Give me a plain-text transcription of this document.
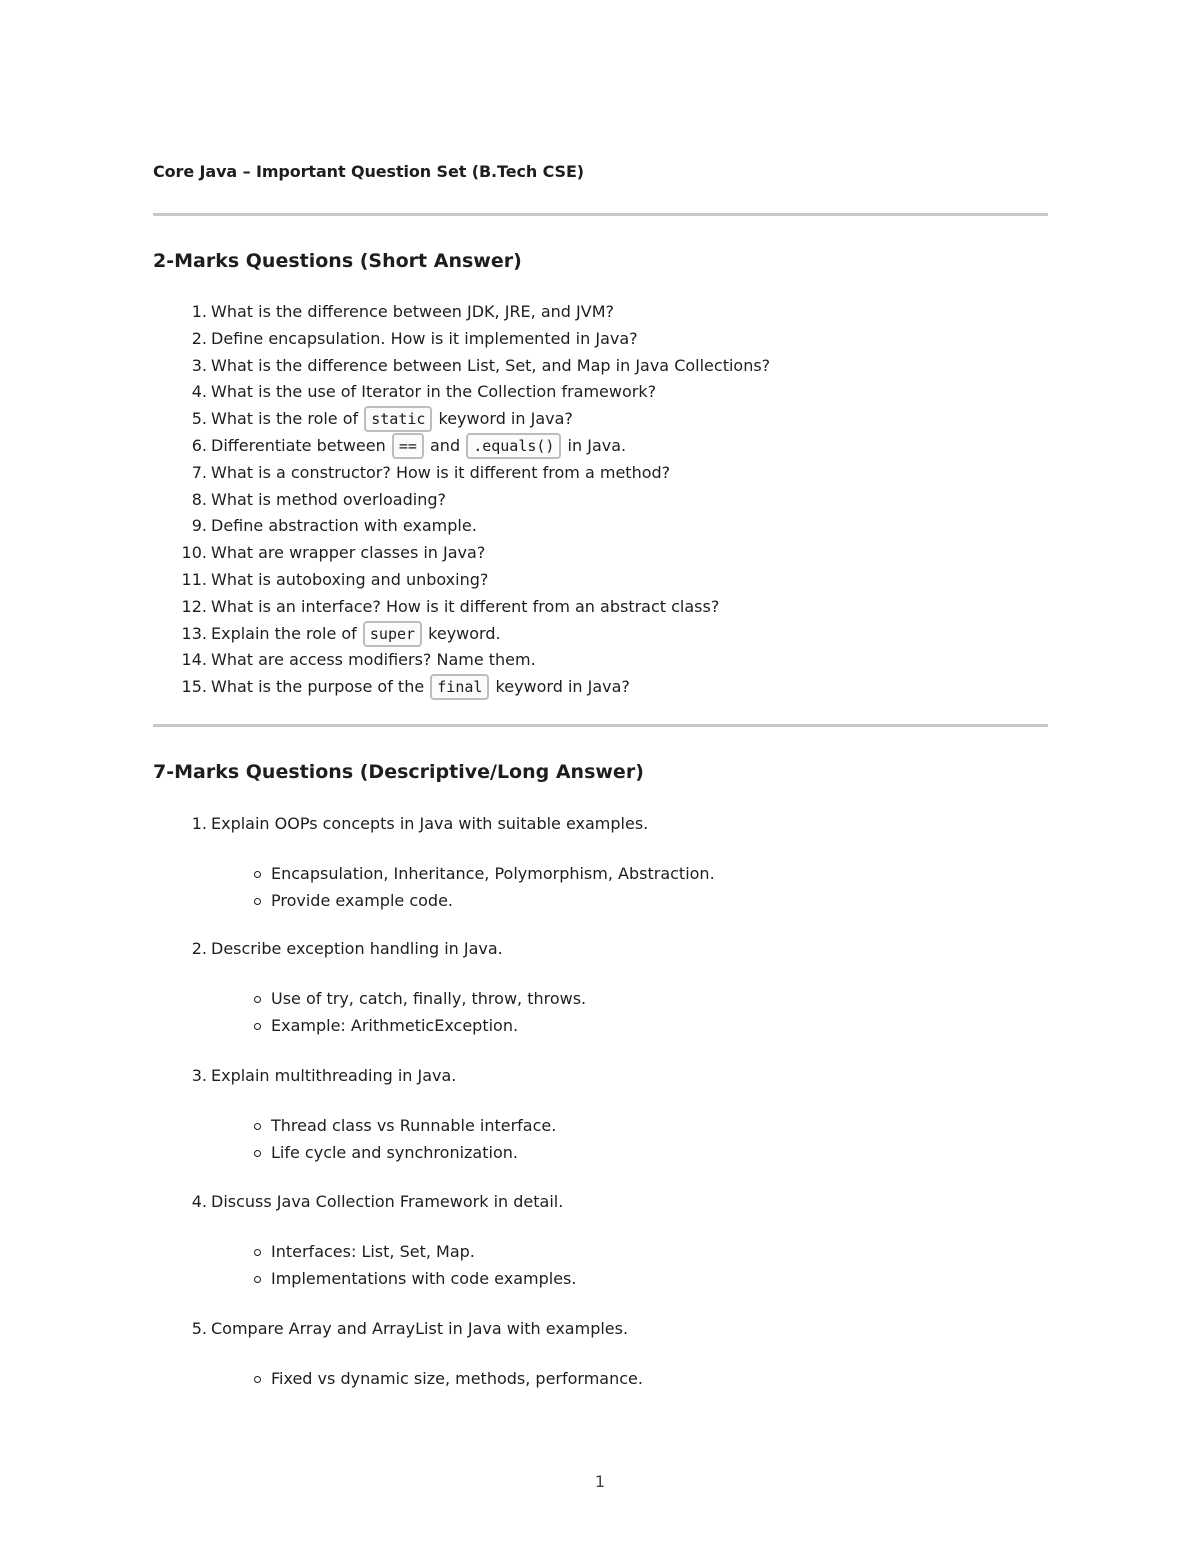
Core Java – Important Question Set (B.Tech CSE)
2-Marks Questions (Short Answer)
1. What is the difference between JDK, JRE, and JVM?
2. Define encapsulation. How is it implemented in Java?
3. What is the difference between List, Set, and Map in Java Collections?
4. What is the use of Iterator in the Collection framework?
5. What is the role of static keyword in Java?
6. Differentiate between == and .equals() in Java.
7. What is a constructor? How is it different from a method?
8. What is method overloading?
9. Define abstraction with example.
10. What are wrapper classes in Java?
11. What is autoboxing and unboxing?
12. What is an interface? How is it different from an abstract class?
13. Explain the role of super keyword.
14. What are access modifiers? Name them.
15. What is the purpose of the final keyword in Java?
7-Marks Questions (Descriptive/Long Answer)
1. Explain OOPs concepts in Java with suitable examples.
Encapsulation, Inheritance, Polymorphism, Abstraction.
Provide example code.
2. Describe exception handling in Java.
Use of try, catch, finally, throw, throws.
Example: ArithmeticException.
3. Explain multithreading in Java.
Thread class vs Runnable interface.
Life cycle and synchronization.
4. Discuss Java Collection Framework in detail.
Interfaces: List, Set, Map.
Implementations with code examples.
5. Compare Array and ArrayList in Java with examples.
Fixed vs dynamic size, methods, performance.
1
